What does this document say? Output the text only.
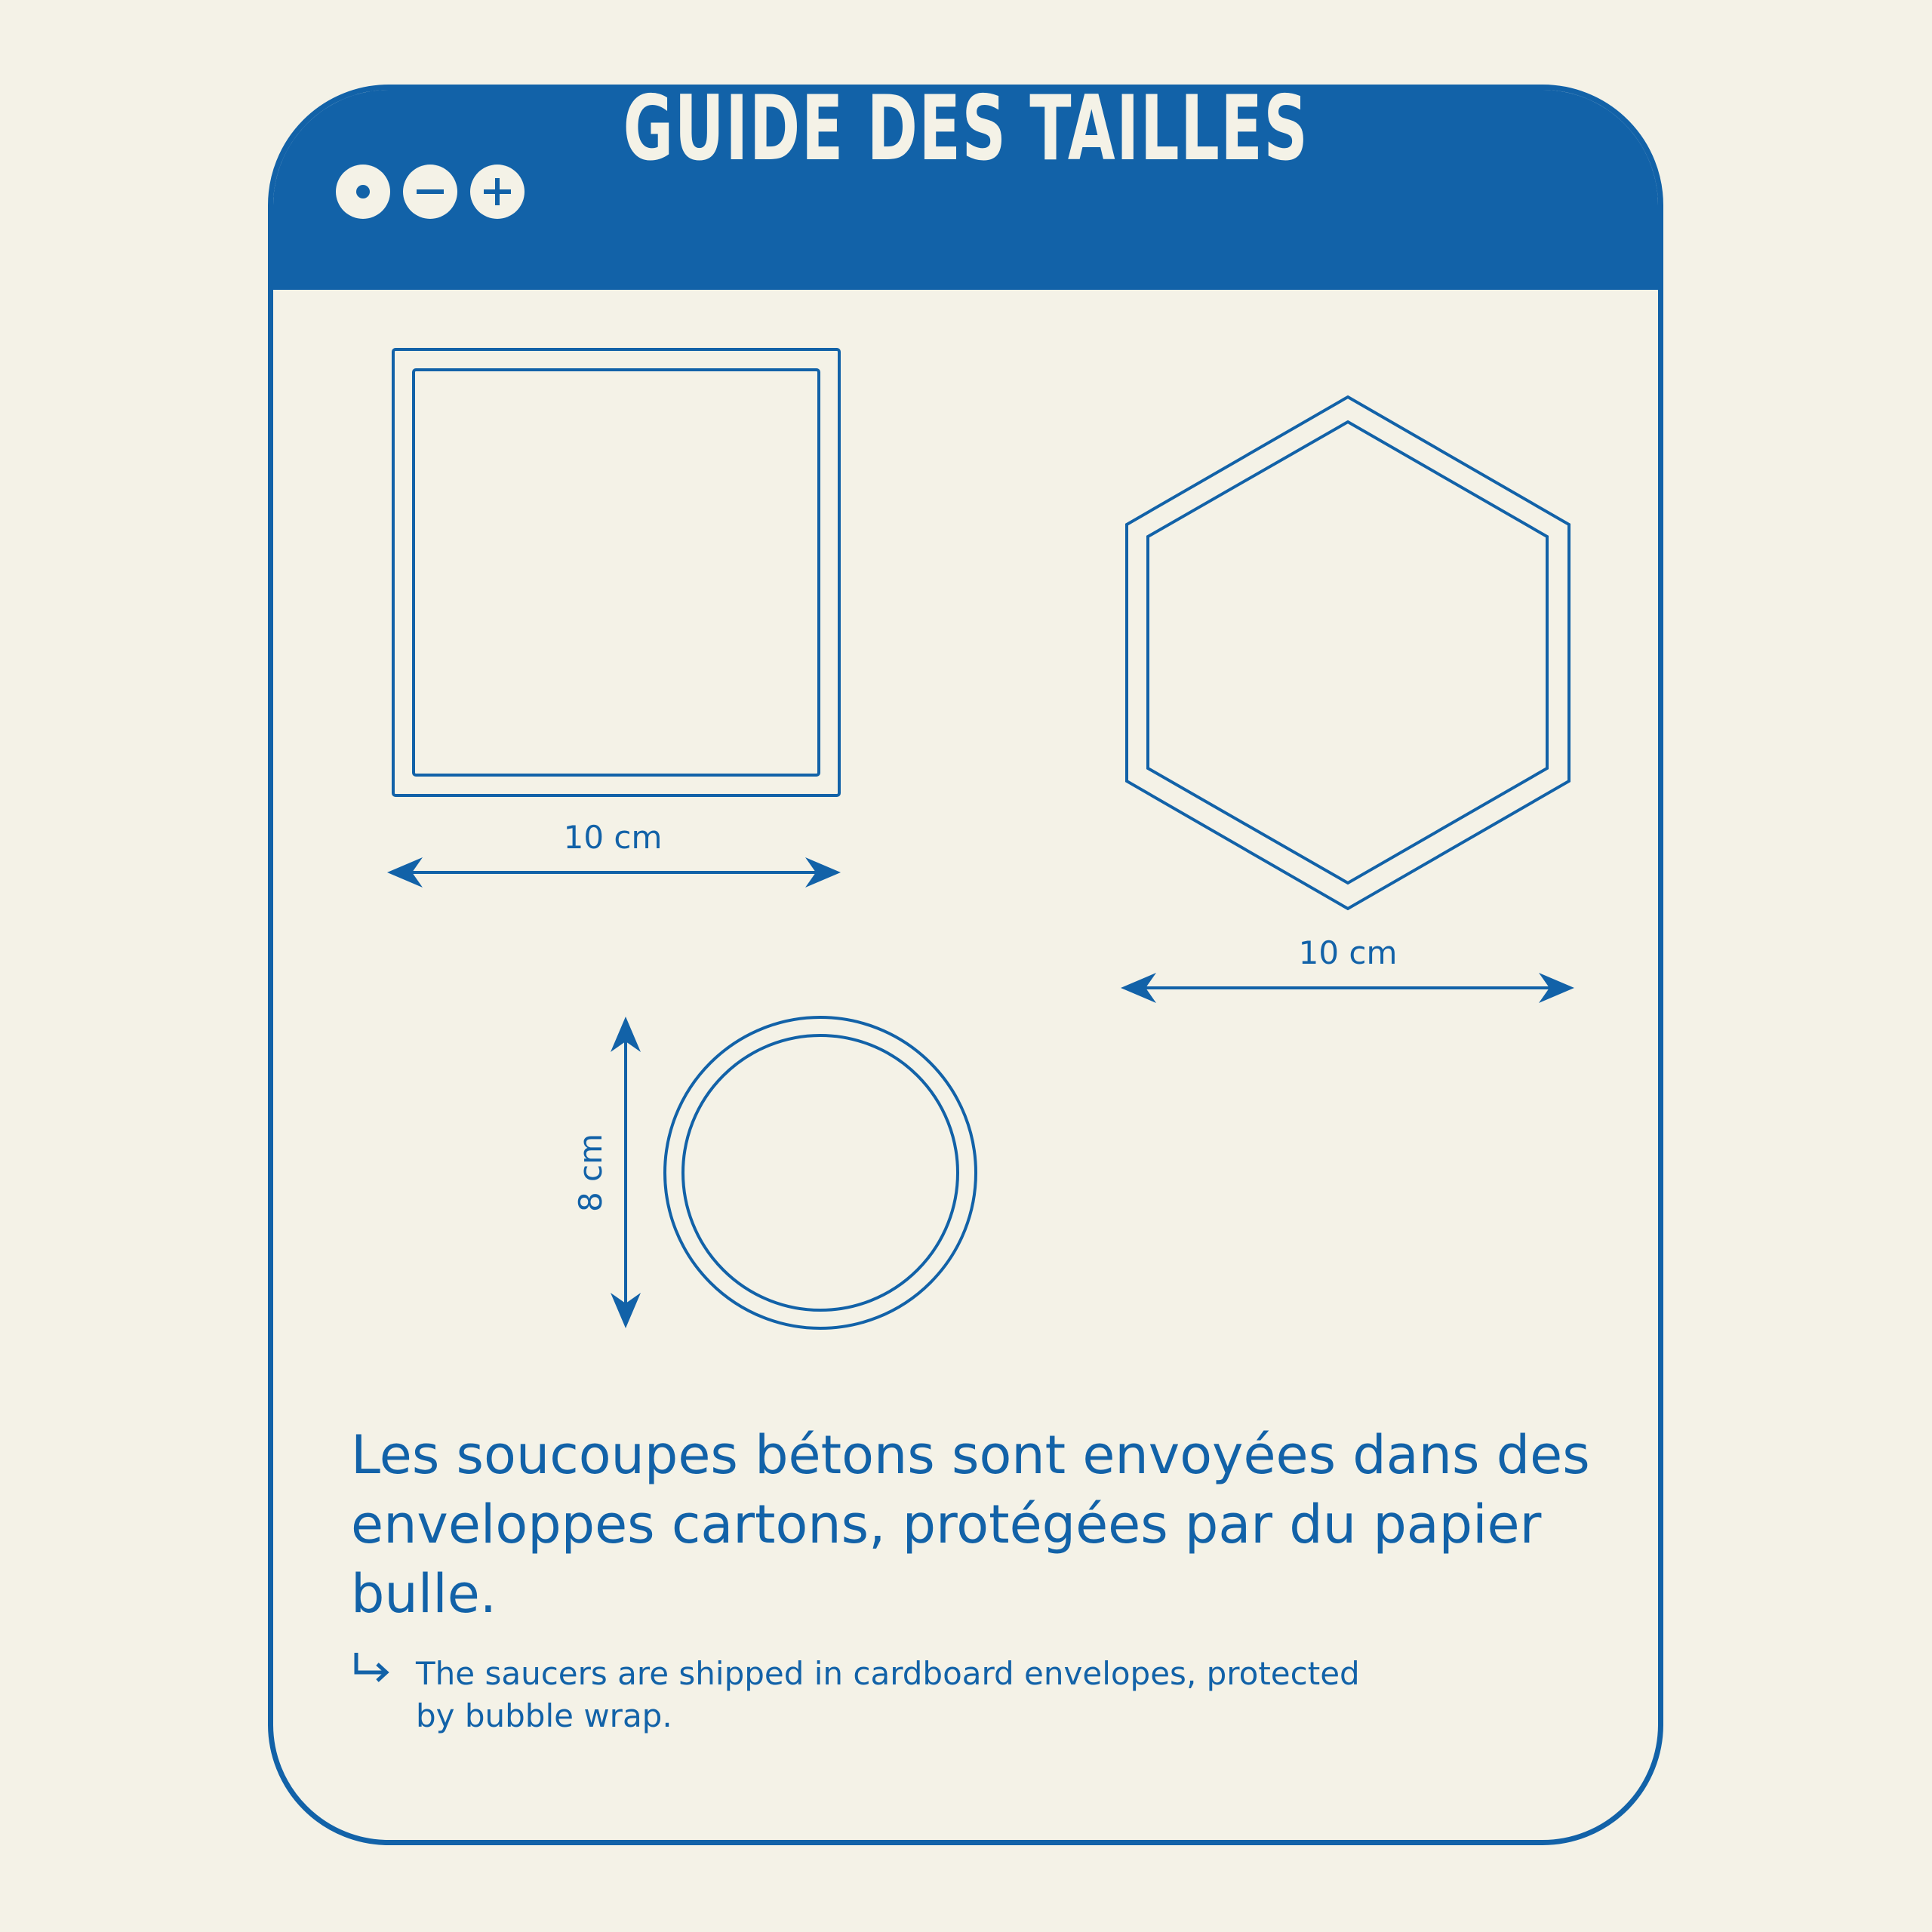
GUIDE DES TAILLES
10 cm
10 cm
8 cm

Les soucoupes bétons sont envoyées dans des enveloppes cartons, protégées par du papier bulle.

The saucers are shipped in cardboard envelopes, protected by bubble wrap.
